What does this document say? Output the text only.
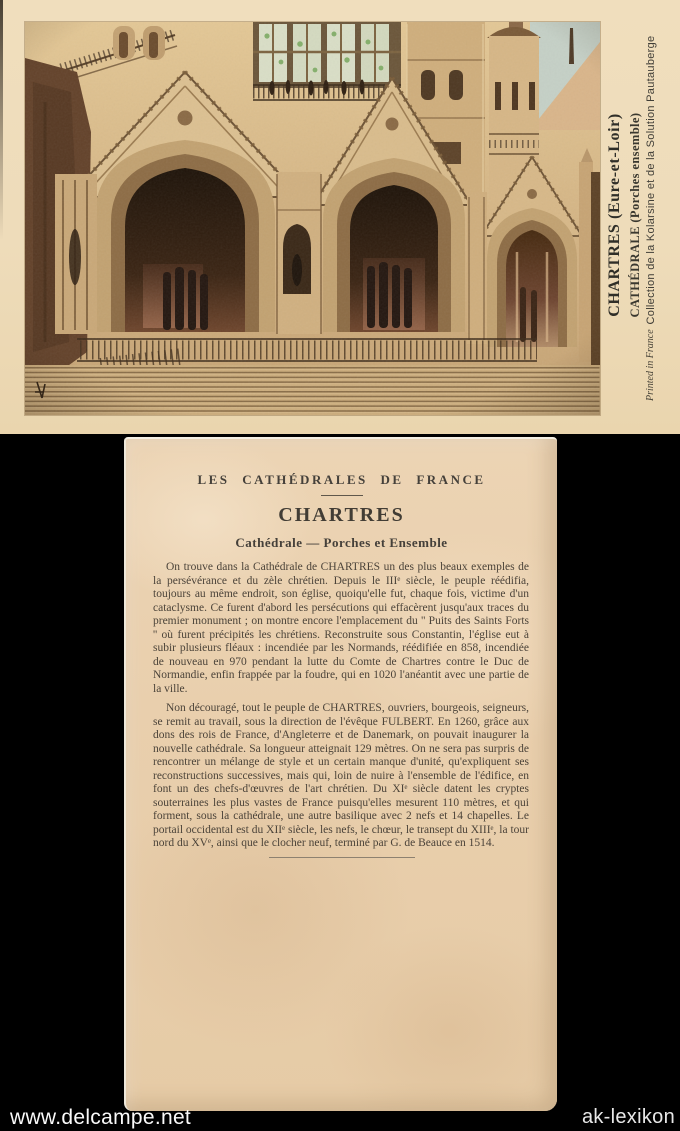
CHARTRES (Eure-et-Loir) CATHÉDRALE (Porches ensemble) Collection de la Kolarsine et de la Solution Pautauberge
Printed in France
LES CATHÉDRALES DE FRANCE
CHARTRES
Cathédrale — Porches et Ensemble

On trouve dans la Cathédrale de CHARTRES un des plus beaux exemples de la persévérance et du zèle chrétien. Depuis le IIIᵉ siècle, le peuple réédifia, toujours au même endroit, son église, quoiqu'elle fut, chaque fois, victime d'un cataclysme. Ce furent d'abord les persécutions qui effacèrent jusqu'aux traces du premier monument ; on montre encore l'emplacement du '' Puits des Saints Forts '' où furent précipités les chrétiens. Reconstruite sous Constantin, l'église eut à subir plusieurs fléaux : incendiée par les Normands, réédifiée en 858, incendiée de nouveau en 970 pendant la lutte du Comte de Chartres contre le Duc de Normandie, enfin frappée par la foudre, qui en 1020 l'anéantit avec une partie de la ville.

Non découragé, tout le peuple de CHARTRES, ouvriers, bourgeois, seigneurs, se remit au travail, sous la direction de l'évêque FULBERT. En 1260, grâce aux dons des rois de France, d'Angleterre et de Danemark, on pouvait inaugurer la nouvelle cathédrale. Sa longueur atteignait 129 mètres. On ne sera pas surpris de rencontrer un mélange de style et un certain manque d'unité, qu'expliquent ses reconstructions successives, mais qui, loin de nuire à l'ensemble de l'édifice, en font un des chefs-d'œuvres de l'art chrétien. Du XIᵉ siècle datent les cryptes souterraines les plus vastes de France puisqu'elles mesurent 110 mètres, et qui forment, sous la cathédrale, une autre basilique avec 2 nefs et 14 chapelles. Le portail occidental est du XIIᵉ siècle, les nefs, le chœur, le transept du XIIIᵉ, la tour nord du XVᵉ, ainsi que le clocher neuf, terminé par G. de Beauce en 1514.

www.delcampe.net	ak-lexikon
